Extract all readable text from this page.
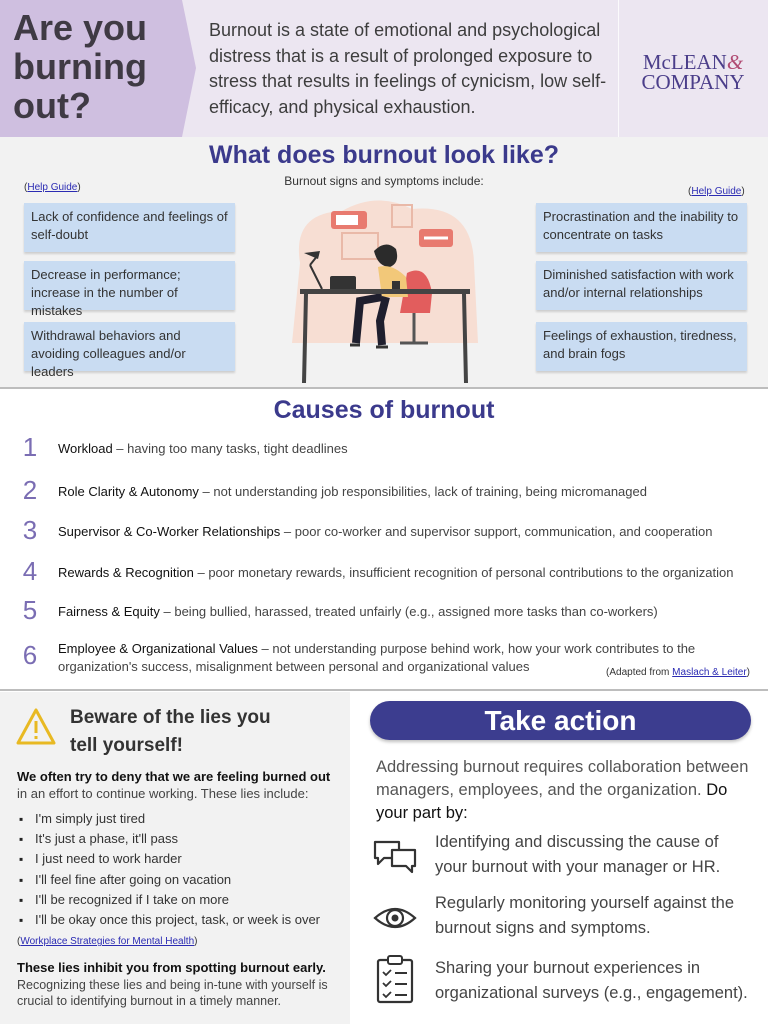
Are you
burning
out?
Burnout is a state of emotional and psychological distress that is a result of prolonged exposure to stress that results in feelings of cynicism, low self-efficacy, and physical exhaustion.
McLEAN&
COMPANY
What does burnout look like?
Burnout signs and symptoms include:
(Help Guide)	(Help Guide)
Lack of confidence and feelings of self-doubt
Decrease in performance; increase in the number of mistakes
Withdrawal behaviors and avoiding colleagues and/or leaders
Procrastination and the inability to concentrate on tasks
Diminished satisfaction with work and/or internal relationships
Feelings of exhaustion, tiredness, and brain fogs
Causes of burnout
1	Workload – having too many tasks, tight deadlines
2	Role Clarity & Autonomy – not understanding job responsibilities, lack of training, being micromanaged
3	Supervisor & Co-Worker Relationships – poor co-worker and supervisor support, communication, and cooperation
4	Rewards & Recognition – poor monetary rewards, insufficient recognition of personal contributions to the organization
5	Fairness & Equity – being bullied, harassed, treated unfairly (e.g., assigned more tasks than co-workers)
6	Employee & Organizational Values – not understanding purpose behind work, how your work contributes to the organization's success, misalignment between personal and organizational values	(Adapted from Maslach & Leiter)
Beware of the lies you
tell yourself!
We often try to deny that we are feeling burned out in an effort to continue working. These lies include:
▪ I'm simply just tired
▪ It's just a phase, it'll pass
▪ I just need to work harder
▪ I'll feel fine after going on vacation
▪ I'll be recognized if I take on more
▪ I'll be okay once this project, task, or week is over
(Workplace Strategies for Mental Health)
These lies inhibit you from spotting burnout early.
Recognizing these lies and being in-tune with yourself is crucial to identifying burnout in a timely manner.
Take action
Addressing burnout requires collaboration between managers, employees, and the organization. Do your part by:
Identifying and discussing the cause of your burnout with your manager or HR.
Regularly monitoring yourself against the burnout signs and symptoms.
Sharing your burnout experiences in organizational surveys (e.g., engagement).
